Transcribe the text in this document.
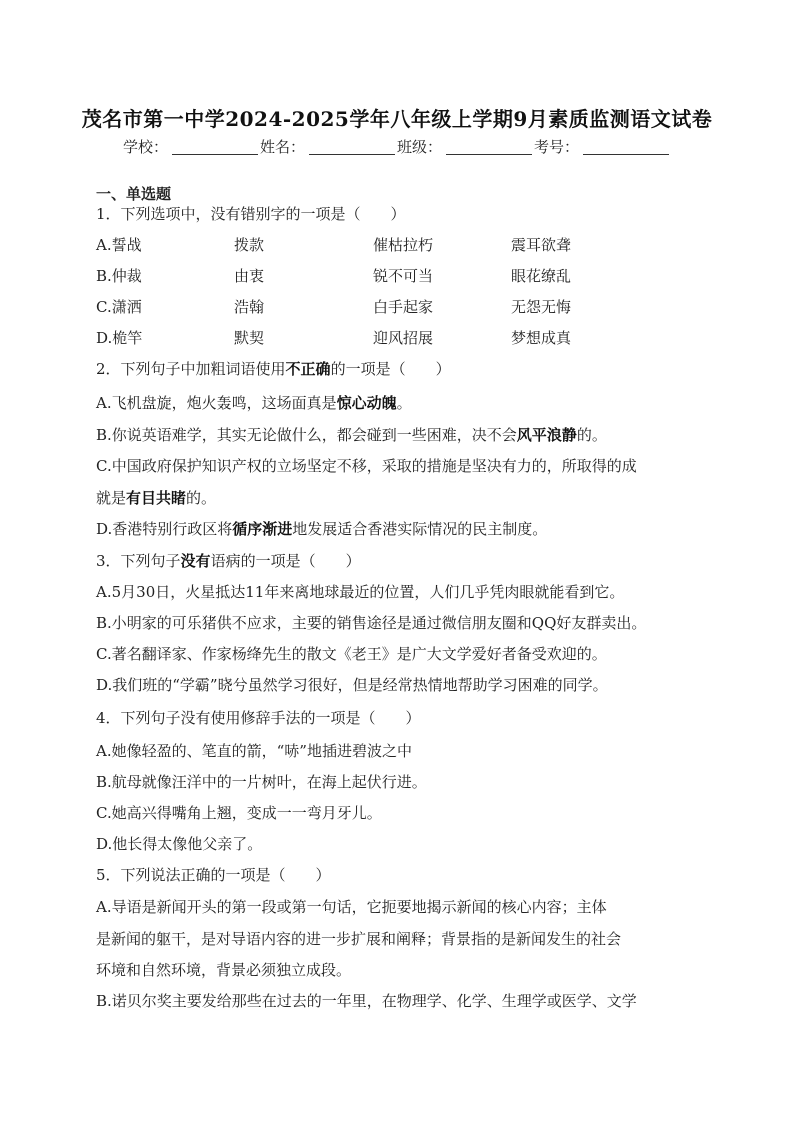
茂名市第一中学2024-2025学年八年级上学期9月素质监测语文试卷
学校：	姓名：	班级：	考号：
一、单选题
1．下列选项中，没有错别字的一项是（　　）
A.誓战	拨款	催枯拉朽	震耳欲聋
B.仲裁	由衷	锐不可当	眼花缭乱
C.潇洒	浩翰	白手起家	无怨无悔
D.桅竿	默契	迎风招展	梦想成真
2．下列句子中加粗词语使用不正确的一项是（　　）
A.飞机盘旋，炮火轰鸣，这场面真是惊心动魄。
B.你说英语难学，其实无论做什么，都会碰到一些困难，决不会风平浪静的。
C.中国政府保护知识产权的立场坚定不移，采取的措施是坚决有力的，所取得的成
就是有目共睹的。
D.香港特别行政区将循序渐进地发展适合香港实际情况的民主制度。
3．下列句子没有语病的一项是（　　）
A.5月30日，火星抵达11年来离地球最近的位置，人们几乎凭肉眼就能看到它。
B.小明家的可乐猪供不应求，主要的销售途径是通过微信朋友圈和QQ好友群卖出。
C.著名翻译家、作家杨绛先生的散文《老王》是广大文学爱好者备受欢迎的。
D.我们班的“学霸”晓兮虽然学习很好，但是经常热情地帮助学习困难的同学。
4．下列句子没有使用修辞手法的一项是（　　）
A.她像轻盈的、笔直的箭，“哧”地插进碧波之中
B.航母就像汪洋中的一片树叶，在海上起伏行进。
C.她高兴得嘴角上翘，变成一一弯月牙儿。
D.他长得太像他父亲了。
5．下列说法正确的一项是（　　）
A.导语是新闻开头的第一段或第一句话，它扼要地揭示新闻的核心内容；主体
是新闻的躯干，是对导语内容的进一步扩展和阐释；背景指的是新闻发生的社会
环境和自然环境，背景必须独立成段。
B.诺贝尔奖主要发给那些在过去的一年里，在物理学、化学、生理学或医学、文学
